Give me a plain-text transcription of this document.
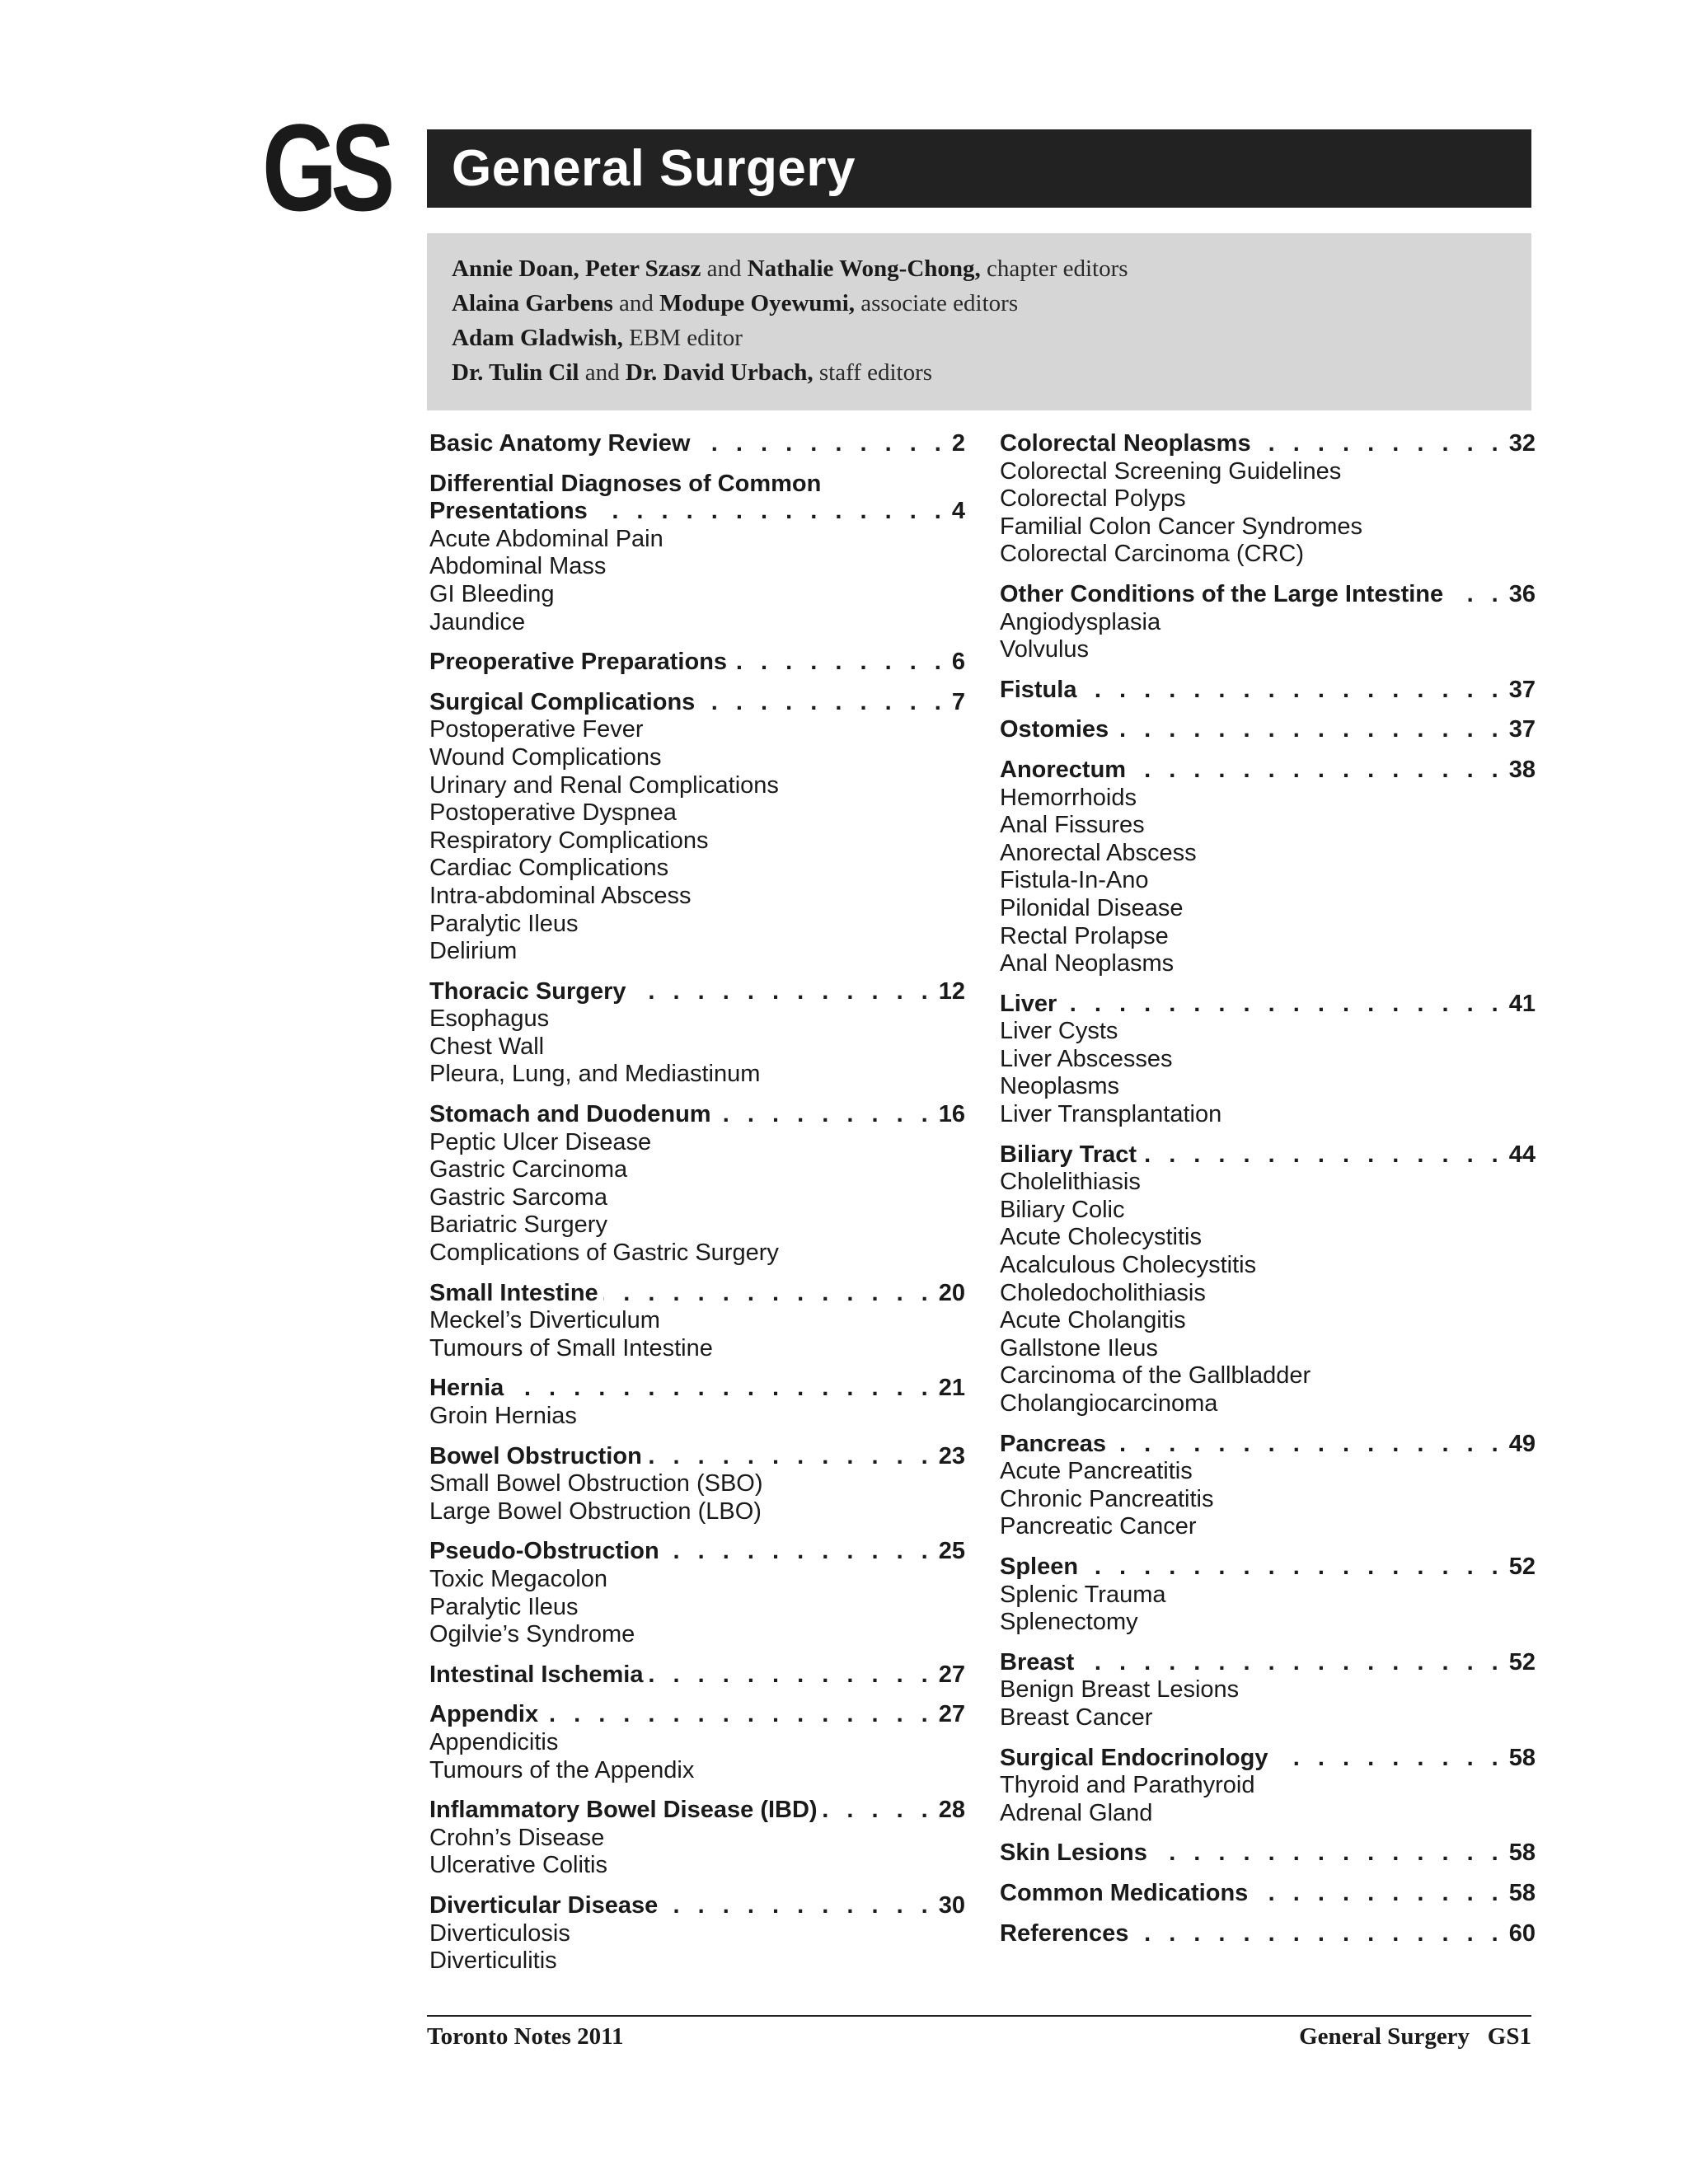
GS General Surgery
Annie Doan, Peter Szasz and Nathalie Wong-Chong, chapter editors
Alaina Garbens and Modupe Oyewumi, associate editors
Adam Gladwish, EBM editor
Dr. Tulin Cil and Dr. David Urbach, staff editors
Basic Anatomy Review . . .	2
Differential Diagnoses of Common
Presentations . . .	4
Acute Abdominal Pain
Abdominal Mass
GI Bleeding
Jaundice
Preoperative Preparations . . .	6
Surgical Complications . . .	7
Postoperative Fever
Wound Complications
Urinary and Renal Complications
Postoperative Dyspnea
Respiratory Complications
Cardiac Complications
Intra-abdominal Abscess
Paralytic Ileus
Delirium
Thoracic Surgery . . .	12
Esophagus
Chest Wall
Pleura, Lung, and Mediastinum
Stomach and Duodenum . . .	16
Peptic Ulcer Disease
Gastric Carcinoma
Gastric Sarcoma
Bariatric Surgery
Complications of Gastric Surgery
Small Intestine . . .	20
Meckel’s Diverticulum
Tumours of Small Intestine
Hernia . . .	21
Groin Hernias
Bowel Obstruction . . .	23
Small Bowel Obstruction (SBO)
Large Bowel Obstruction (LBO)
Pseudo-Obstruction . . .	25
Toxic Megacolon
Paralytic Ileus
Ogilvie’s Syndrome
Intestinal Ischemia . . .	27
Appendix . . .	27
Appendicitis
Tumours of the Appendix
Inflammatory Bowel Disease (IBD) . . .	28
Crohn’s Disease
Ulcerative Colitis
Diverticular Disease . . .	30
Diverticulosis
Diverticulitis
Colorectal Neoplasms . . .	32
Colorectal Screening Guidelines
Colorectal Polyps
Familial Colon Cancer Syndromes
Colorectal Carcinoma (CRC)
Other Conditions of the Large Intestine . . .	36
Angiodysplasia
Volvulus
Fistula . . .	37
Ostomies . . .	37
Anorectum . . .	38
Hemorrhoids
Anal Fissures
Anorectal Abscess
Fistula-In-Ano
Pilonidal Disease
Rectal Prolapse
Anal Neoplasms
Liver . . .	41
Liver Cysts
Liver Abscesses
Neoplasms
Liver Transplantation
Biliary Tract . . .	44
Cholelithiasis
Biliary Colic
Acute Cholecystitis
Acalculous Cholecystitis
Choledocholithiasis
Acute Cholangitis
Gallstone Ileus
Carcinoma of the Gallbladder
Cholangiocarcinoma
Pancreas . . .	49
Acute Pancreatitis
Chronic Pancreatitis
Pancreatic Cancer
Spleen . . .	52
Splenic Trauma
Splenectomy
Breast . . .	52
Benign Breast Lesions
Breast Cancer
Surgical Endocrinology . . .	58
Thyroid and Parathyroid
Adrenal Gland
Skin Lesions . . .	58
Common Medications . . .	58
References . . .	60
Toronto Notes 2011	General Surgery   GS1
